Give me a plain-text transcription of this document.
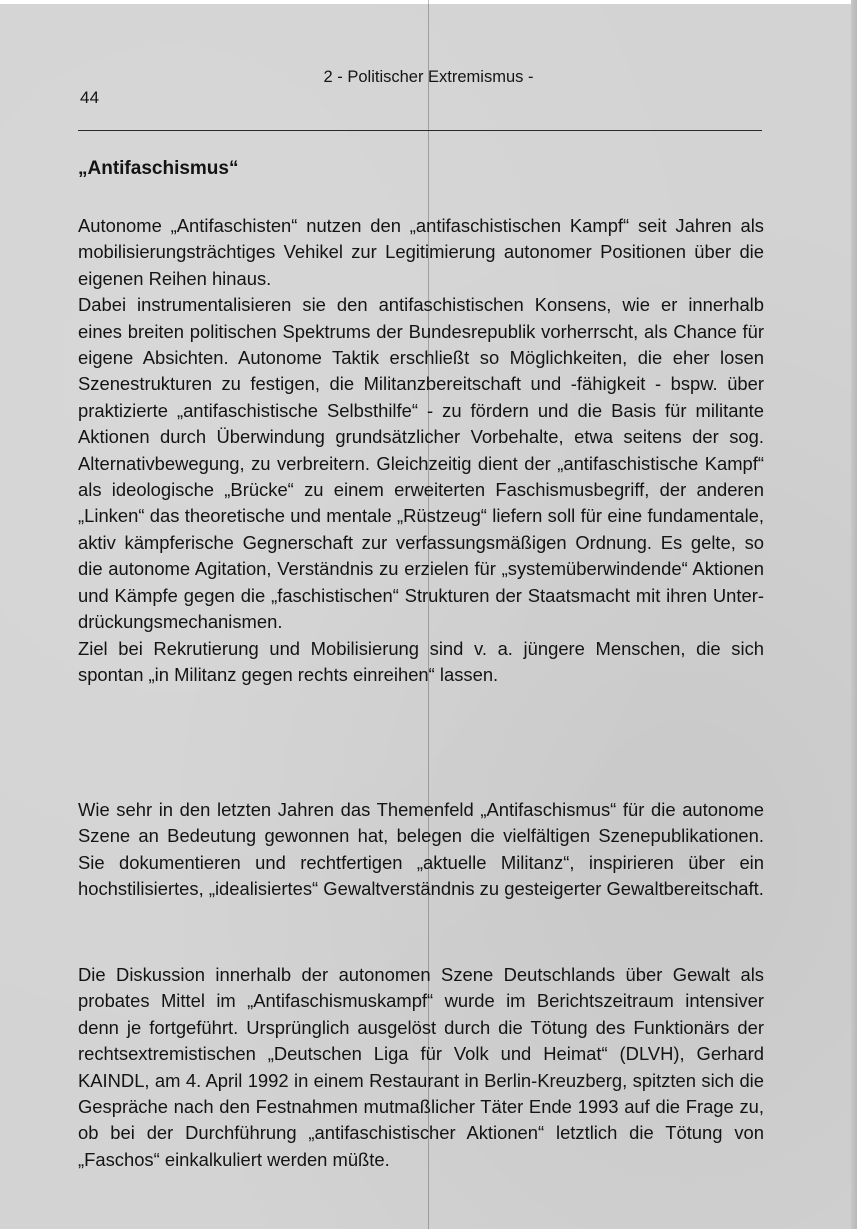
44
2 - Politischer Extremismus -
„Antifaschismus“

Autonome „Antifaschisten“ nutzen den „antifaschistischen Kampf“ seit Jahren als mobilisierungsträchtiges Vehikel zur Legitimierung autonomer Positionen über die eigenen Reihen hinaus.

Dabei instrumentalisieren sie den antifaschistischen Konsens, wie er innerhalb eines breiten politischen Spektrums der Bundesrepublik vorherrscht, als Chance für eigene Absichten. Autonome Taktik erschließt so Möglichkeiten, die eher losen Szenestrukturen zu festigen, die Militanzbereitschaft und -fähigkeit - bspw. über praktizierte „antifaschistische Selbsthilfe“ - zu fördern und die Basis für militante Aktionen durch Überwindung grundsätzlicher Vorbehalte, etwa seitens der sog. Alternativbewegung, zu verbreitern. Gleichzeitig dient der „antifaschistische Kampf“ als ideologische „Brücke“ zu einem erweiterten Faschismusbegriff, der anderen „Linken“ das theoretische und mentale „Rüstzeug“ liefern soll für eine fundamentale, aktiv kämpferische Gegnerschaft zur verfassungsmäßigen Ordnung. Es gelte, so die autonome Agitation, Verständnis zu erzielen für „systemüberwindende“ Aktionen und Kämpfe gegen die „faschistischen“ Strukturen der Staatsmacht mit ihren Unterdrückungsmechanismen.

Ziel bei Rekrutierung und Mobilisierung sind v. a. jüngere Menschen, die sich spontan „in Militanz gegen rechts einreihen“ lassen.

Wie sehr in den letzten Jahren das Themenfeld „Antifaschismus“ für die autonome Szene an Bedeutung gewonnen hat, belegen die vielfältigen Szenepublikationen. Sie dokumentieren und rechtfertigen „aktuelle Militanz“, inspirieren über ein hochstilisiertes, „idealisiertes“ Gewaltverständnis zu gesteigerter Gewaltbereitschaft.

Die Diskussion innerhalb der autonomen Szene Deutschlands über Gewalt als probates Mittel im „Antifaschismuskampf“ wurde im Berichtszeitraum intensiver denn je fortgeführt. Ursprünglich ausgelöst durch die Tötung des Funktionärs der rechtsextremistischen „Deutschen Liga für Volk und Heimat“ (DLVH), Gerhard KAINDL, am 4. April 1992 in einem Restaurant in Berlin-Kreuzberg, spitzten sich die Gespräche nach den Festnahmen mutmaßlicher Täter Ende 1993 auf die Frage zu, ob bei der Durchführung „antifaschistischer Aktionen“ letztlich die Tötung von „Faschos“ einkalkuliert werden müßte.
